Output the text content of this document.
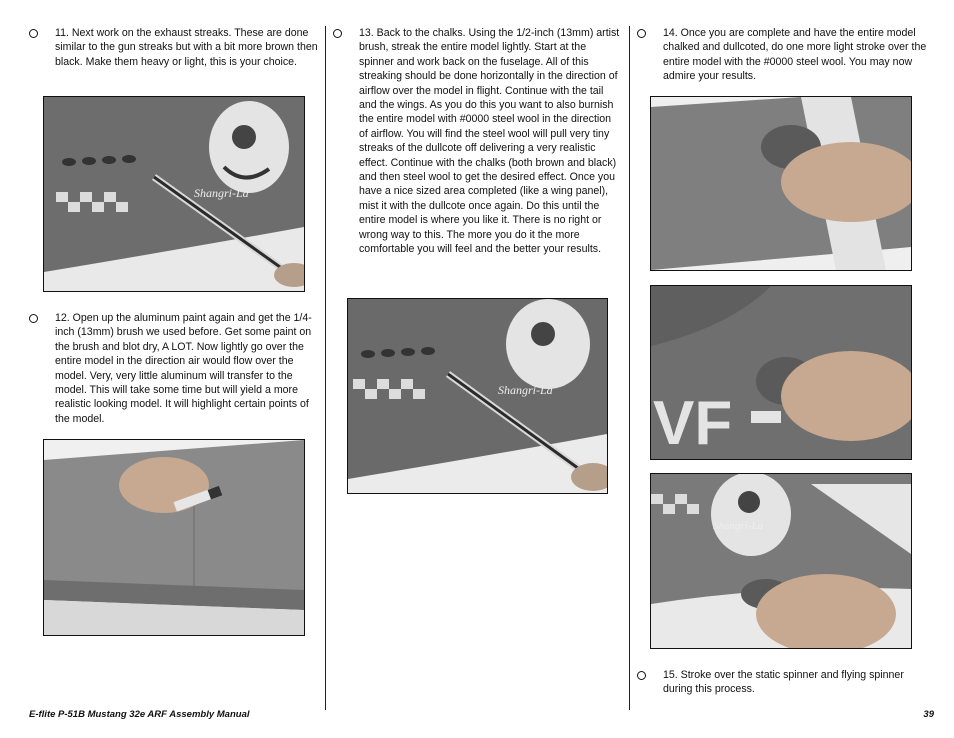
11. Next work on the exhaust streaks. These are done similar to the gun streaks but with a bit more brown then black. Make them heavy or light, this is your choice.
Shangri-La
12. Open up the aluminum paint again and get the 1/4-inch (13mm) brush we used before. Get some paint on the brush and blot dry, A LOT. Now lightly go over the entire model in the direction air would flow over the model. Very, very little aluminum will transfer to the model. This will take some time but will yield a more realistic looking model. It will highlight certain points of the model.
13. Back to the chalks. Using the 1/2-inch (13mm) artist brush, streak the entire model lightly. Start at the spinner and work back on the fuselage. All of this streaking should be done horizontally in the direction of airflow over the model in flight. Continue with the tail and the wings. As you do this you want to also burnish the entire model with #0000 steel wool in the direction of airflow. You will find the steel wool will pull very tiny streaks of the dullcote off delivering a very realistic effect. Continue with the chalks (both brown and black) and then steel wool to get the desired effect. Once you have a nice sized area completed (like a wing panel), mist it with the dullcote once again. Do this until the entire model is where you like it. There is no right or wrong way to this. The more you do it the more comfortable you will feel and the better your results.
Shangri-La
14. Once you are complete and have the entire model chalked and dullcoted, do one more light stroke over the entire model with the #0000 steel wool. You may now admire your results.
VF
Shangri-La
15. Stroke over the static spinner and flying spinner during this process.
E-flite P-51B Mustang 32e ARF Assembly Manual	39
